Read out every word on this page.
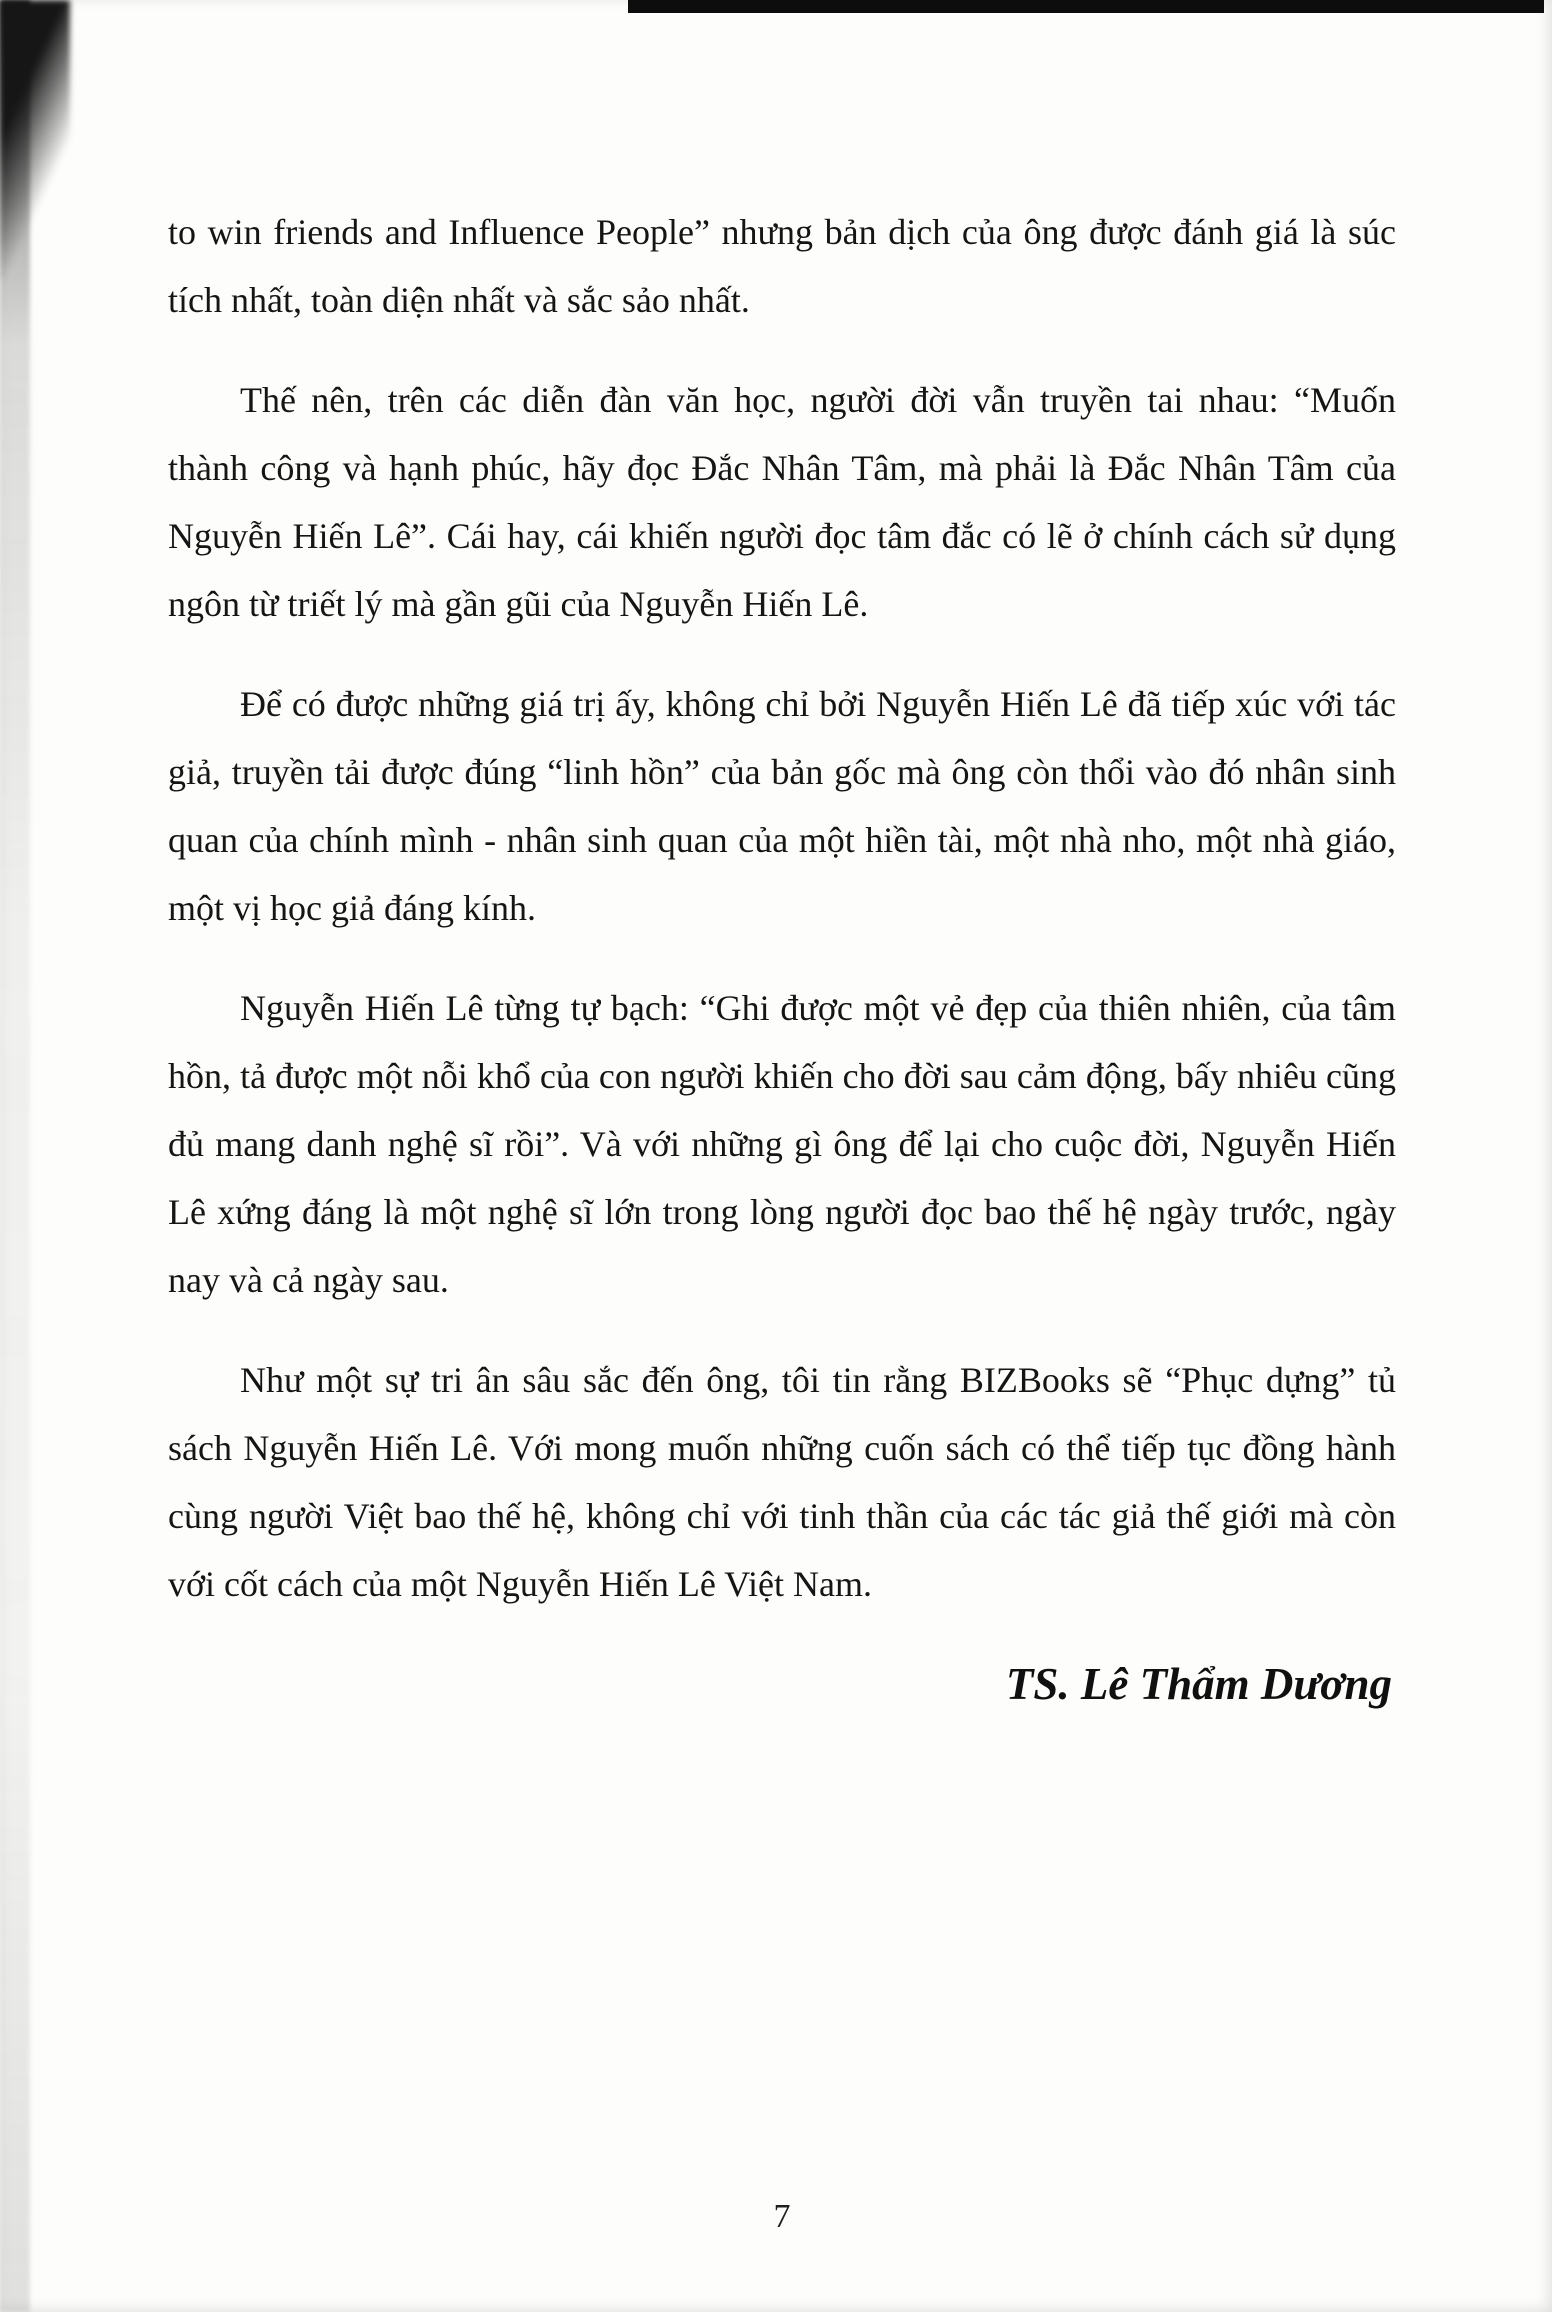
to win friends and Influence People” nhưng bản dịch của ông được đánh giá là súc tích nhất, toàn diện nhất và sắc sảo nhất.

Thế nên, trên các diễn đàn văn học, người đời vẫn truyền tai nhau: “Muốn thành công và hạnh phúc, hãy đọc Đắc Nhân Tâm, mà phải là Đắc Nhân Tâm của Nguyễn Hiến Lê”. Cái hay, cái khiến người đọc tâm đắc có lẽ ở chính cách sử dụng ngôn từ triết lý mà gần gũi của Nguyễn Hiến Lê.

Để có được những giá trị ấy, không chỉ bởi Nguyễn Hiến Lê đã tiếp xúc với tác giả, truyền tải được đúng “linh hồn” của bản gốc mà ông còn thổi vào đó nhân sinh quan của chính mình - nhân sinh quan của một hiền tài, một nhà nho, một nhà giáo, một vị học giả đáng kính.

Nguyễn Hiến Lê từng tự bạch: “Ghi được một vẻ đẹp của thiên nhiên, của tâm hồn, tả được một nỗi khổ của con người khiến cho đời sau cảm động, bấy nhiêu cũng đủ mang danh nghệ sĩ rồi”. Và với những gì ông để lại cho cuộc đời, Nguyễn Hiến Lê xứng đáng là một nghệ sĩ lớn trong lòng người đọc bao thế hệ ngày trước, ngày nay và cả ngày sau.

Như một sự tri ân sâu sắc đến ông, tôi tin rằng BIZBooks sẽ “Phục dựng” tủ sách Nguyễn Hiến Lê. Với mong muốn những cuốn sách có thể tiếp tục đồng hành cùng người Việt bao thế hệ, không chỉ với tinh thần của các tác giả thế giới mà còn với cốt cách của một Nguyễn Hiến Lê Việt Nam.

TS. Lê Thẩm Dương
7
